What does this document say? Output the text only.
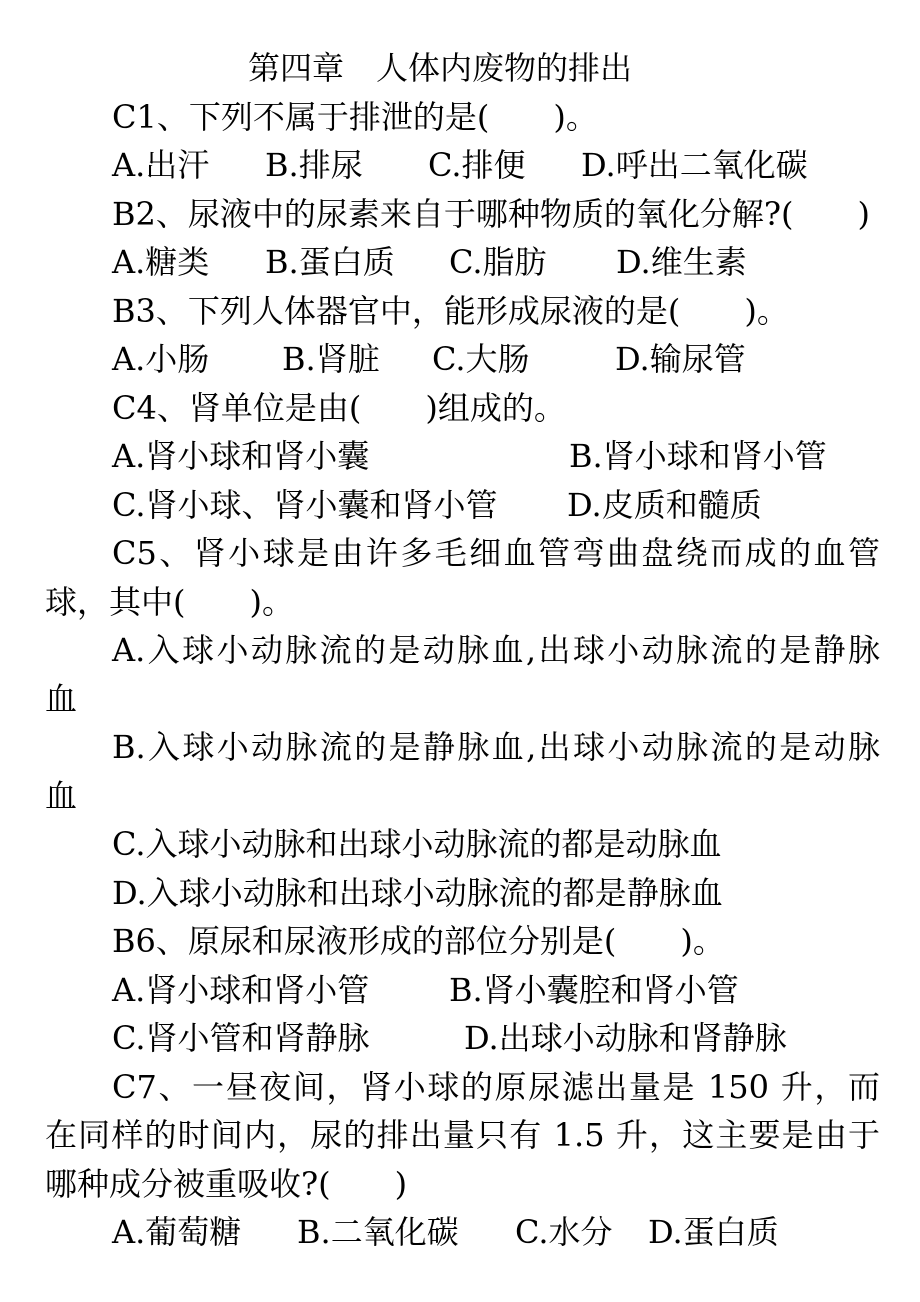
第四章　人体内废物的排出
C1、下列不属于排泄的是(　　)。
A.出汗 B.排尿 C.排便 D.呼出二氧化碳
B2、尿液中的尿素来自于哪种物质的氧化分解?(　　)
A.糖类 B.蛋白质 C.脂肪 D.维生素
B3、下列人体器官中，能形成尿液的是(　　)。
A.小肠 B.肾脏 C.大肠	D.输尿管
C4、肾单位是由(　　)组成的。
A.肾小球和肾小囊	B.肾小球和肾小管
C.肾小球、肾小囊和肾小管 D.皮质和髓质
C5、肾小球是由许多毛细血管弯曲盘绕而成的血管
球，其中(　　)。
A.入球小动脉流的是动脉血,出球小动脉流的是静脉
血
B.入球小动脉流的是静脉血,出球小动脉流的是动脉
血
C.入球小动脉和出球小动脉流的都是动脉血
D.入球小动脉和出球小动脉流的都是静脉血
B6、原尿和尿液形成的部位分别是(　　)。
A.肾小球和肾小管 B.肾小囊腔和肾小管
C.肾小管和肾静脉	D.出球小动脉和肾静脉
C7、一昼夜间，肾小球的原尿滤出量是 150 升，而
在同样的时间内，尿的排出量只有 1.5 升，这主要是由于
哪种成分被重吸收?(　　)
A.葡萄糖 B.二氧化碳 C.水分 D.蛋白质
